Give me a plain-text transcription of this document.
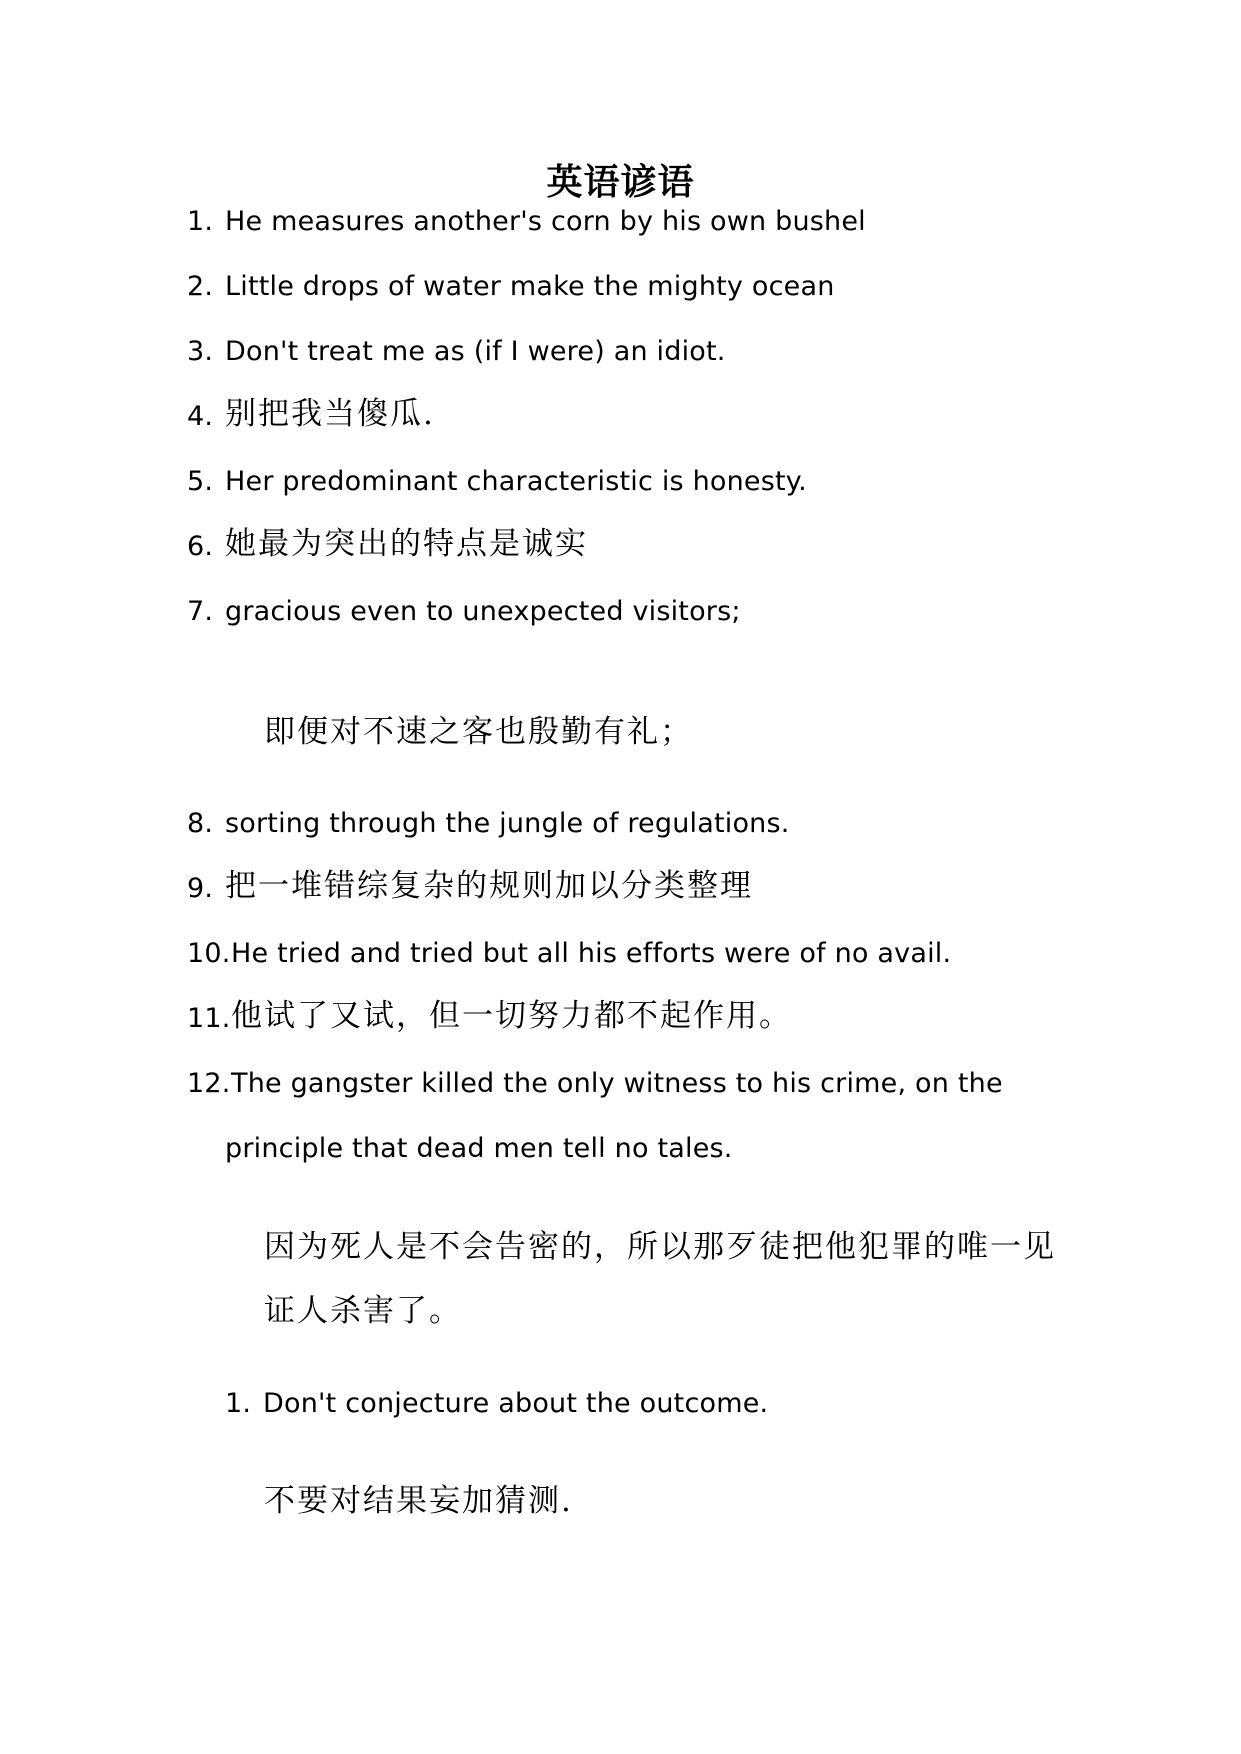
英语谚语
1. He measures another's corn by his own bushel
2. Little drops of water make the mighty ocean
3. Don't treat me as (if I were) an idiot.
4. 别把我当傻瓜.
5. Her predominant characteristic is honesty.
6. 她最为突出的特点是诚实
7. gracious even to unexpected visitors;
即便对不速之客也殷勤有礼；
8. sorting through the jungle of regulations.
9. 把一堆错综复杂的规则加以分类整理
10. He tried and tried but all his efforts were of no avail.
11. 他试了又试，但一切努力都不起作用。
12. The gangster killed the only witness to his crime, on the
principle that dead men tell no tales.
因为死人是不会告密的，所以那歹徒把他犯罪的唯一见
证人杀害了。
1. Don't conjecture about the outcome.
不要对结果妄加猜测.
